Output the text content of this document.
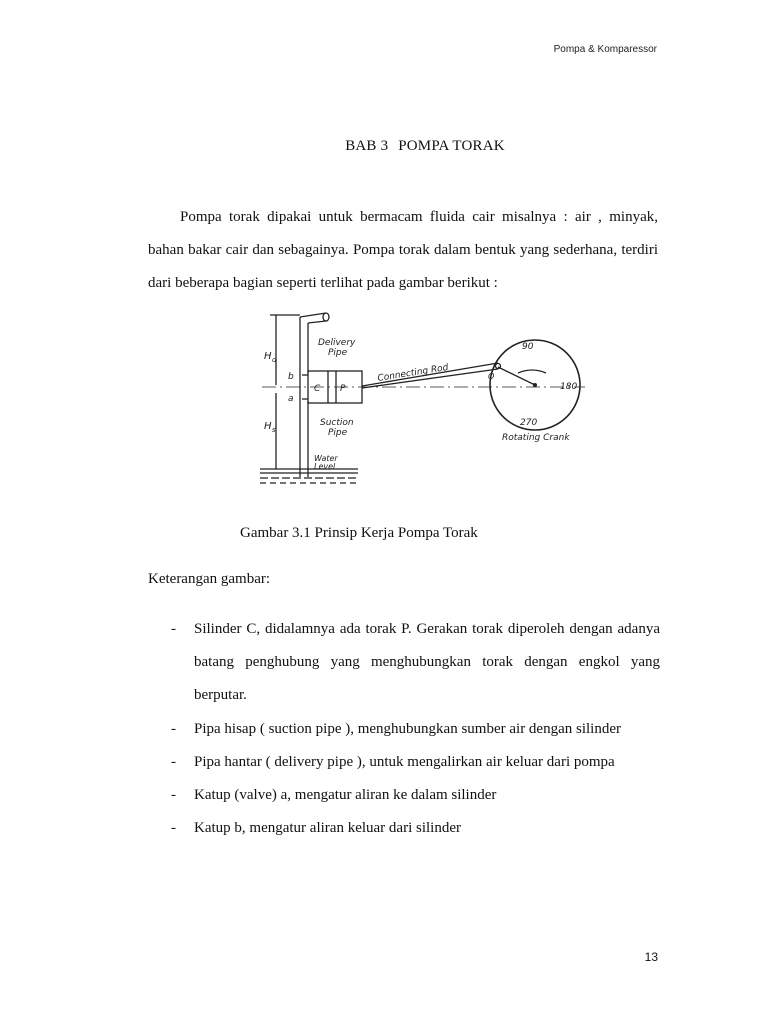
Pompa & Komparessor
BAB 3 POMPA TORAK

Pompa torak dipakai untuk bermacam fluida cair misalnya : air , minyak, bahan bakar cair dan sebagainya. Pompa torak dalam bentuk yang sederhana, terdiri dari beberapa bagian seperti terlihat pada gambar berikut :

Delivery
Pipe
H d
b
a
C P
H s
Suction
Pipe
Water
Level
Connecting Rod
90
180
270
O
Rotating Crank
Gambar 3.1 Prinsip Kerja Pompa Torak
Keterangan gambar:
- Silinder C, didalamnya ada torak P. Gerakan torak diperoleh dengan adanya batang penghubung yang menghubungkan torak dengan engkol yang berputar.
- Pipa hisap ( suction pipe ), menghubungkan sumber air dengan silinder
- Pipa hantar ( delivery pipe ), untuk mengalirkan air keluar dari pompa
- Katup (valve) a, mengatur aliran ke dalam silinder
- Katup b, mengatur aliran keluar dari silinder
13
